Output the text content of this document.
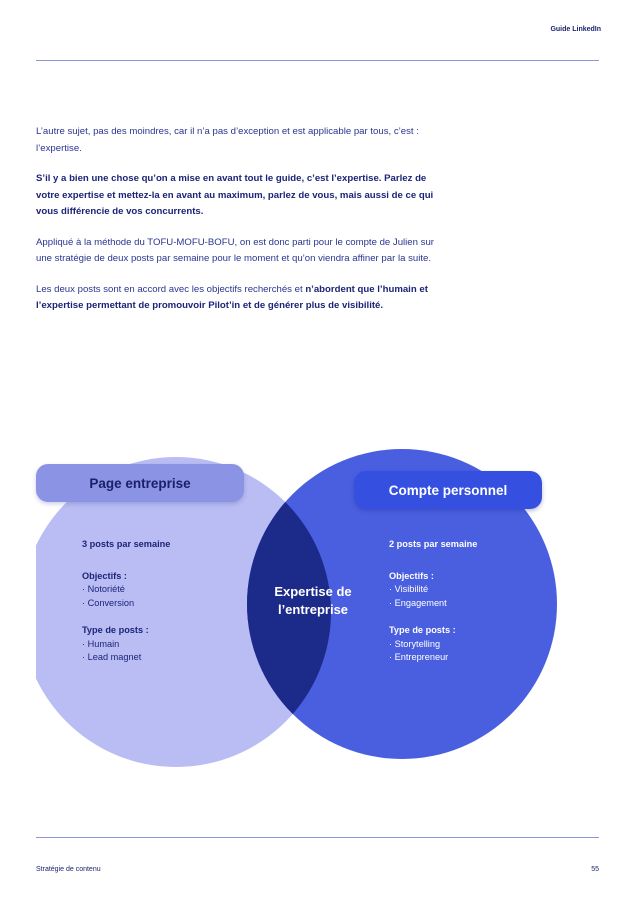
Guide LinkedIn

L’autre sujet, pas des moindres, car il n’a pas d’exception et est applicable par tous, c’est : l’expertise.

S’il y a bien une chose qu’on a mise en avant tout le guide, c’est l’expertise. Parlez de votre expertise et mettez-la en avant au maximum, parlez de vous, mais aussi de ce qui vous différencie de vos concurrents.

Appliqué à la méthode du TOFU-MOFU-BOFU, on est donc parti pour le compte de Julien sur une stratégie de deux posts par semaine pour le moment et qu’on viendra affiner par la suite.

Les deux posts sont en accord avec les objectifs recherchés et n’abordent que l’humain et l’expertise permettant de promouvoir Pilot’in et de générer plus de visibilité.

Page entreprise	Compte personnel
3 posts par semaine
Objectifs :
· Notoriété
· Conversion
Type de posts :
· Humain
· Lead magnet
Expertise de
l’entreprise
2 posts par semaine
Objectifs :
· Visibilité
· Engagement
Type de posts :
· Storytelling
· Entrepreneur
Stratégie de contenu	55
